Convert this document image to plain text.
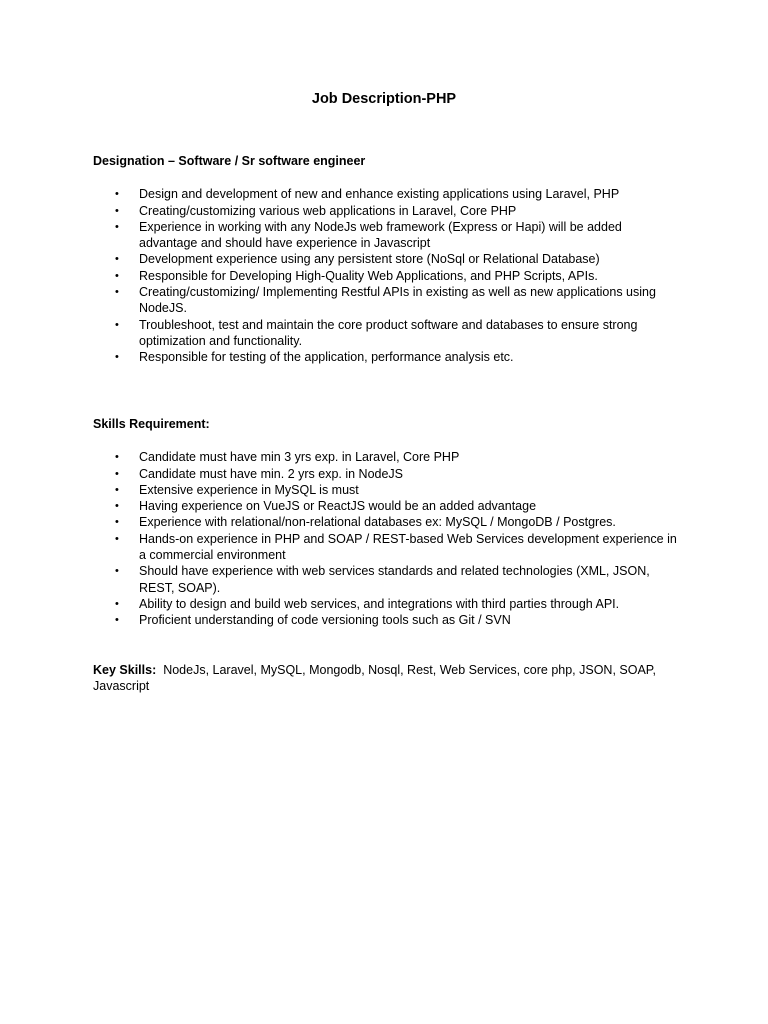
Job Description-PHP

Designation – Software / Sr software engineer

• Design and development of new and enhance existing applications using Laravel, PHP
• Creating/customizing various web applications in Laravel, Core PHP
• Experience in working with any NodeJs web framework (Express or Hapi) will be added advantage and should have experience in Javascript
• Development experience using any persistent store (NoSql or Relational Database)
• Responsible for Developing High-Quality Web Applications, and PHP Scripts, APIs.
• Creating/customizing/ Implementing Restful APIs in existing as well as new applications using NodeJS.
• Troubleshoot, test and maintain the core product software and databases to ensure strong optimization and functionality.
• Responsible for testing of the application, performance analysis etc.

Skills Requirement:

• Candidate must have min 3 yrs exp. in Laravel, Core PHP
• Candidate must have min. 2 yrs exp. in NodeJS
• Extensive experience in MySQL is must
• Having experience on VueJS or ReactJS would be an added advantage
• Experience with relational/non-relational databases ex: MySQL / MongoDB / Postgres.
• Hands-on experience in PHP and SOAP / REST-based Web Services development experience in a commercial environment
• Should have experience with web services standards and related technologies (XML, JSON, REST, SOAP).
• Ability to design and build web services, and integrations with third parties through API.
• Proficient understanding of code versioning tools such as Git / SVN

Key Skills: NodeJs, Laravel, MySQL, Mongodb, Nosql, Rest, Web Services, core php, JSON, SOAP, Javascript
